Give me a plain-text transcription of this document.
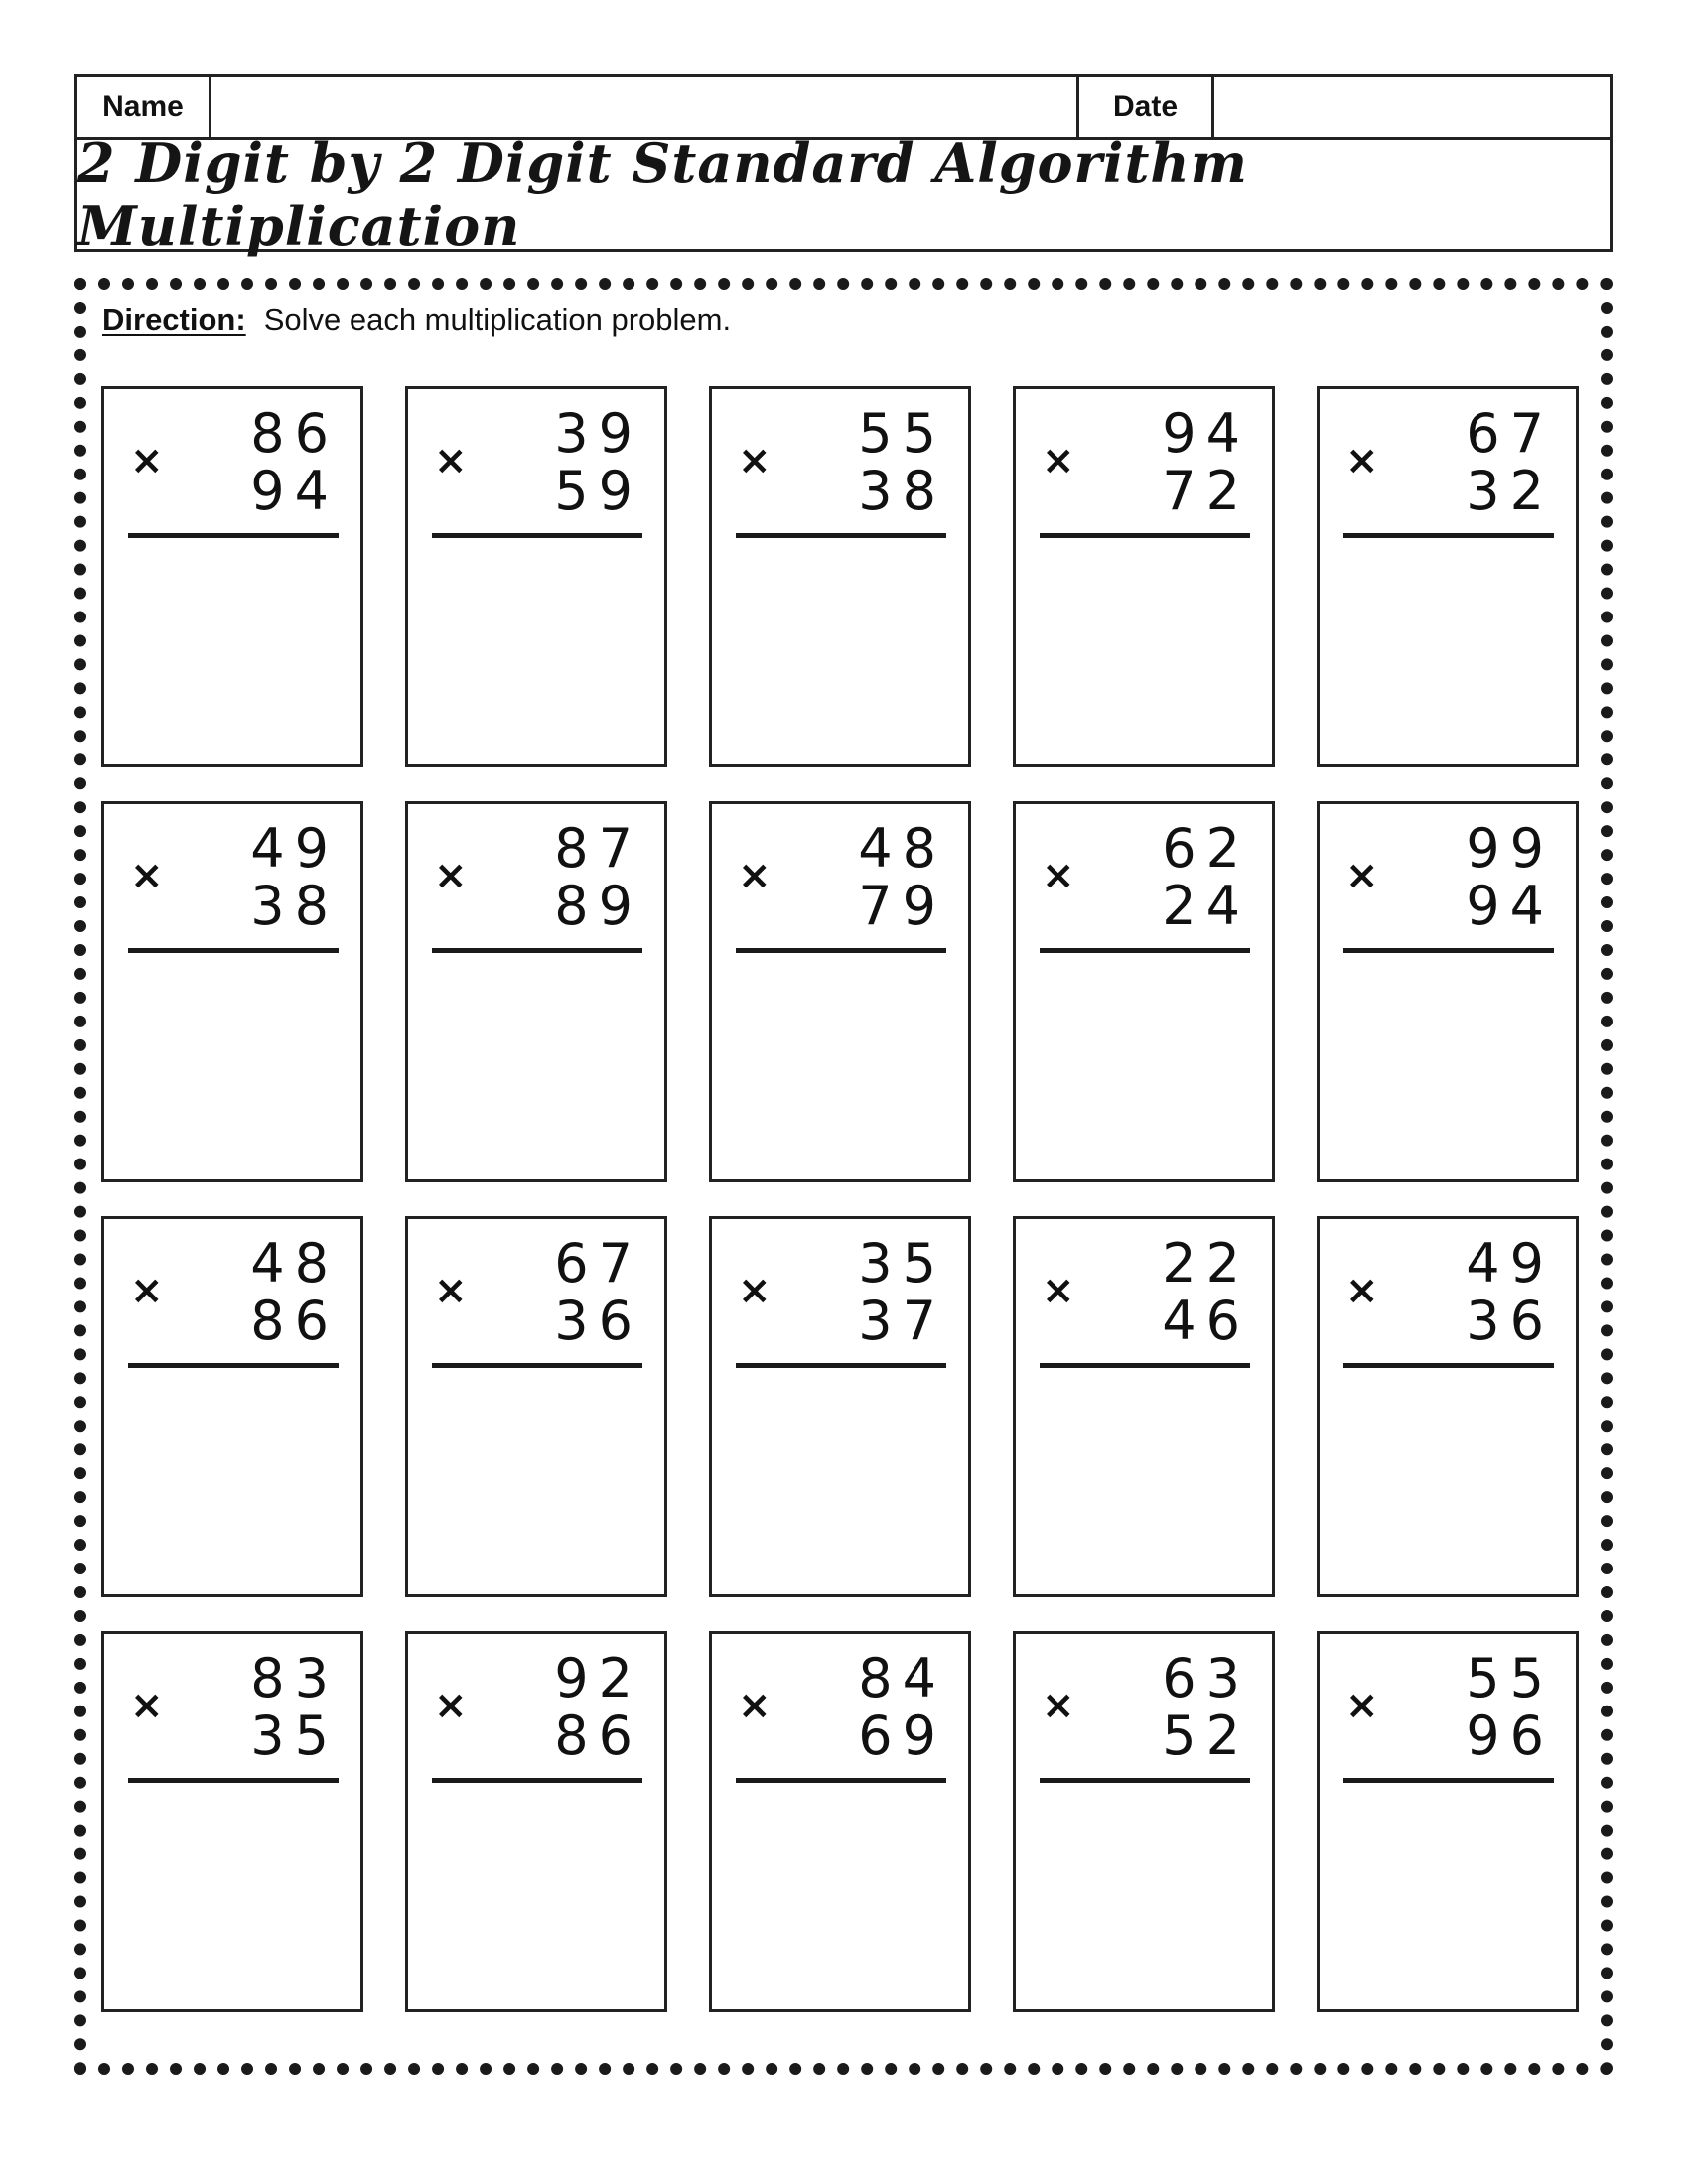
Name	Date
2 Digit by 2 Digit Standard Algorithm Multiplication
Direction: Solve each multiplication problem.
86
94
×	39
59
×	55
38
×	94
72
×	67
32
×
49
38
×	87
89
×	48
79
×	62
24
×	99
94
×
48
86
×	67
36
×	35
37
×	22
46
×	49
36
×
83
35
×	92
86
×	84
69
×	63
52
×	55
96
×
